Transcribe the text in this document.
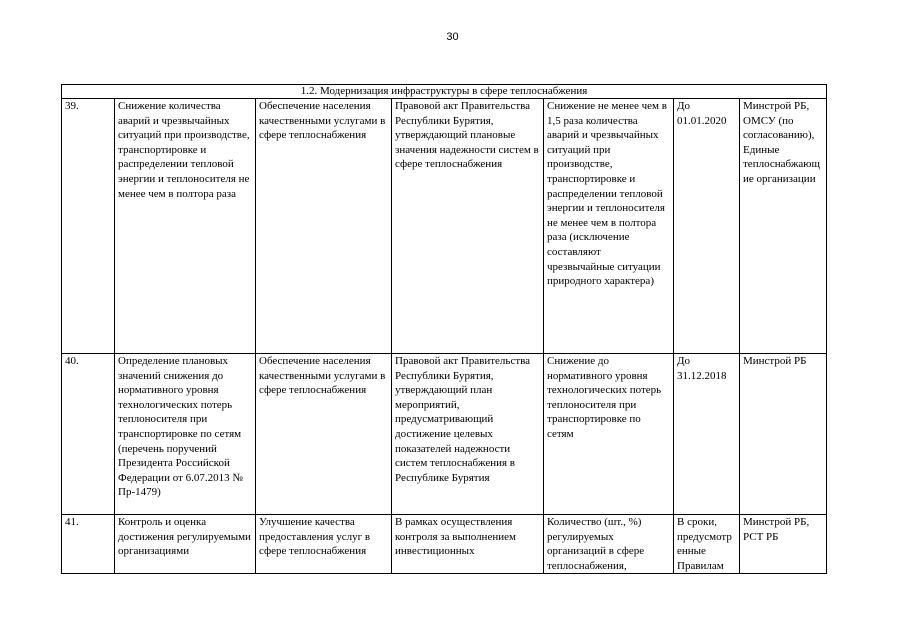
30
1.2. Модернизация инфраструктуры в сфере теплоснабжения						
39.	Снижение количества аварий и чрезвычайных ситуаций при производстве, транспортировке и распределении тепловой энергии и теплоносителя не менее чем в полтора раза	Обеспечение населения качественными услугами в сфере теплоснабжения	Правовой акт Правительства Республики Бурятия, утверждающий плановые значения надежности систем в сфере теплоснабжения	Снижение не менее чем в 1,5 раза количества аварий и чрезвычайных ситуаций при производстве, транспортировке и распределении тепловой энергии и теплоносителя не менее чем в полтора раза (исключение составляют чрезвычайные ситуации природного характера)	До 01.01.2020	Минстрой РБ, ОМСУ (по согласованию), Единые теплоснабжающие организации
40.	Определение плановых значений снижения до нормативного уровня технологических потерь теплоносителя при транспортировке по сетям (перечень поручений Президента Российской Федерации от 6.07.2013 № Пр-1479)	Обеспечение населения качественными услугами в сфере теплоснабжения	Правовой акт Правительства Республики Бурятия, утверждающий план мероприятий, предусматривающий достижение целевых показателей надежности систем теплоснабжения в Республике Бурятия	Снижение до нормативного уровня технологических потерь теплоносителя при транспортировке по сетям	До 31.12.2018	Минстрой РБ
41.	Контроль и оценка достижения регулируемыми организациями	Улучшение качества предоставления услуг в сфере теплоснабжения	В рамках осуществления контроля за выполнением инвестиционных	Количество (шт., %) регулируемых организаций в сфере теплоснабжения,	В сроки, предусмотренные Правилам	Минстрой РБ, РСТ РБ
